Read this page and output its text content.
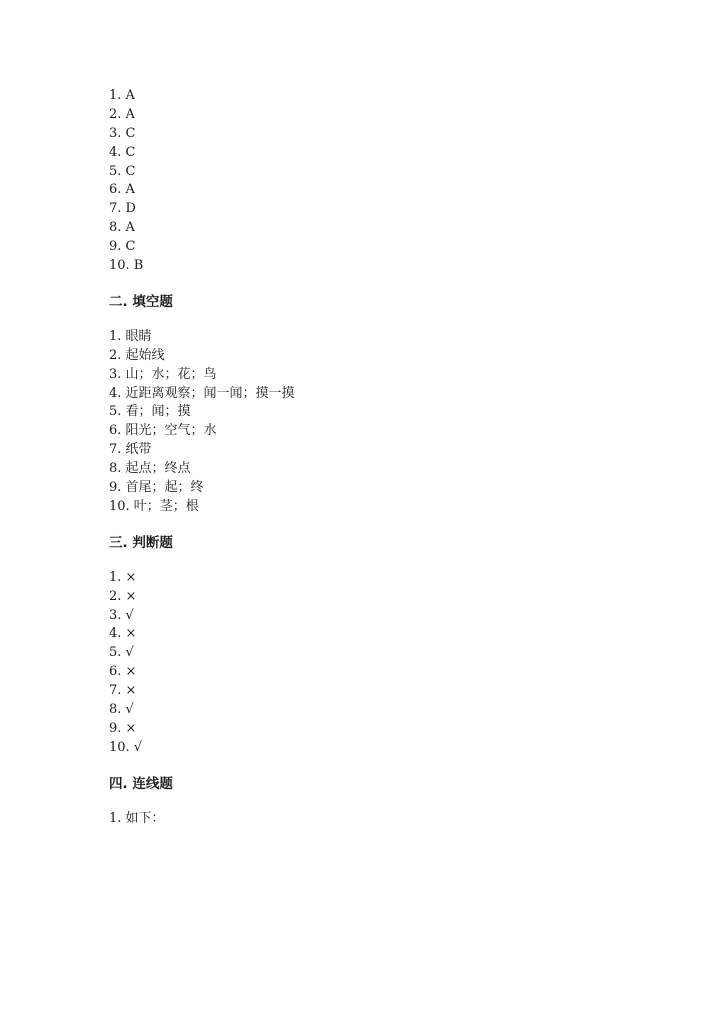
1. A
2. A
3. C
4. C
5. C
6. A
7. D
8. A
9. C
10. B
二. 填空题
1. 眼睛
2. 起始线
3. 山；水；花；鸟
4. 近距离观察；闻一闻；摸一摸
5. 看；闻；摸
6. 阳光；空气；水
7. 纸带
8. 起点；终点
9. 首尾；起；终
10. 叶；茎；根
三. 判断题
1. ×
2. ×
3. √
4. ×
5. √
6. ×
7. ×
8. √
9. ×
10. √
四. 连线题
1. 如下：
